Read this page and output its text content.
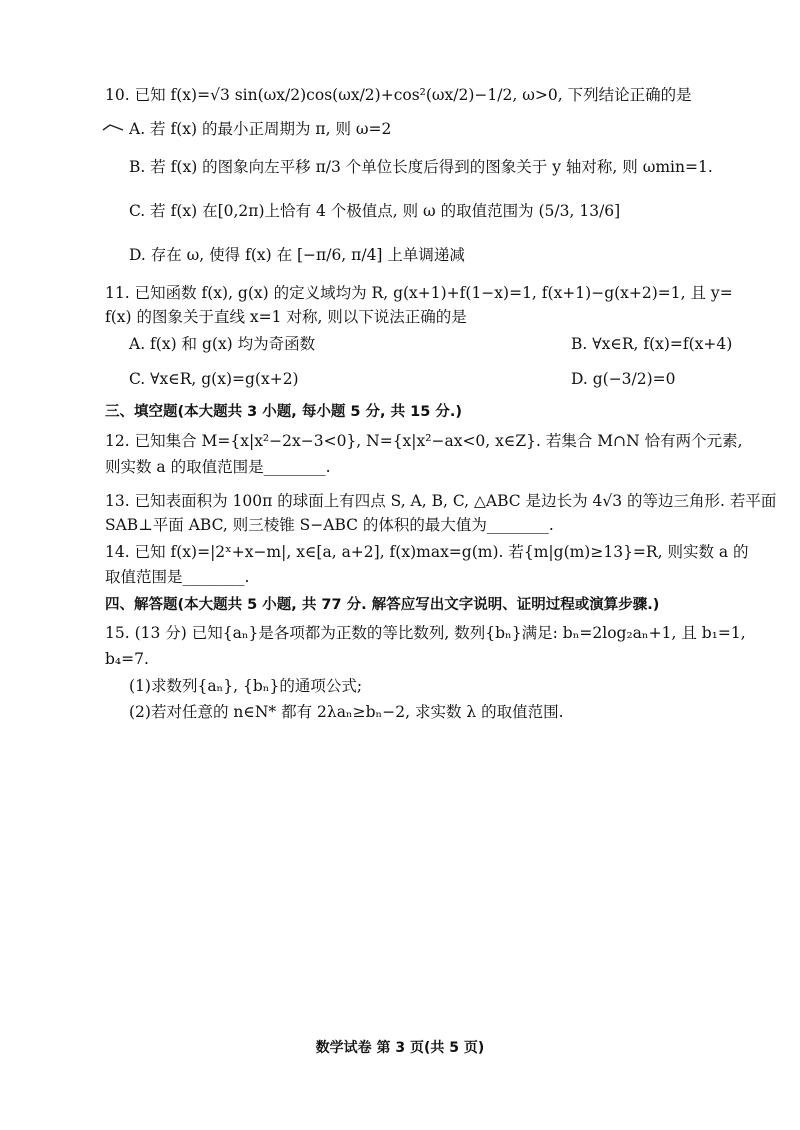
10. 已知 f(x)=√3 sin(ωx/2)cos(ωx/2)+cos²(ωx/2)−1/2, ω>0, 下列结论正确的是
A. 若 f(x) 的最小正周期为 π, 则 ω=2
B. 若 f(x) 的图象向左平移 π/3 个单位长度后得到的图象关于 y 轴对称, 则 ωmin=1.
C. 若 f(x) 在[0,2π)上恰有 4 个极值点, 则 ω 的取值范围为 (5/3, 13/6]
D. 存在 ω, 使得 f(x) 在 [−π/6, π/4] 上单调递减
11. 已知函数 f(x), g(x) 的定义域均为 R, g(x+1)+f(1−x)=1, f(x+1)−g(x+2)=1, 且 y=
f(x) 的图象关于直线 x=1 对称, 则以下说法正确的是
A. f(x) 和 g(x) 均为奇函数	B. ∀x∈R, f(x)=f(x+4)
C. ∀x∈R, g(x)=g(x+2)	D. g(−3/2)=0
三、填空题(本大题共 3 小题, 每小题 5 分, 共 15 分.)
12. 已知集合 M={x|x²−2x−3<0}, N={x|x²−ax<0, x∈Z}. 若集合 M∩N 恰有两个元素,
则实数 a 的取值范围是________.
13. 已知表面积为 100π 的球面上有四点 S, A, B, C, △ABC 是边长为 4√3 的等边三角形. 若平面
SAB⊥平面 ABC, 则三棱锥 S−ABC 的体积的最大值为________.
14. 已知 f(x)=|2ˣ+x−m|, x∈[a, a+2], f(x)max=g(m). 若{m|g(m)≥13}=R, 则实数 a 的
取值范围是________.
四、解答题(本大题共 5 小题, 共 77 分. 解答应写出文字说明、证明过程或演算步骤.)
15. (13 分) 已知{aₙ}是各项都为正数的等比数列, 数列{bₙ}满足: bₙ=2log₂aₙ+1, 且 b₁=1,
b₄=7.
(1)求数列{aₙ}, {bₙ}的通项公式;
(2)若对任意的 n∈N* 都有 2λaₙ≥bₙ−2, 求实数 λ 的取值范围.
数学试卷 第 3 页(共 5 页)
